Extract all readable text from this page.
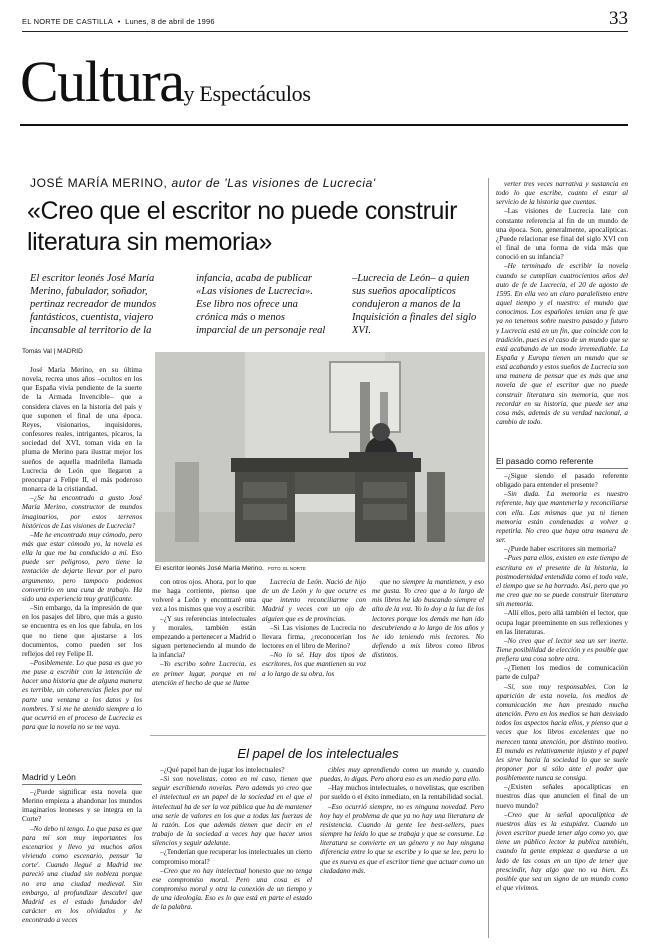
EL NORTE DE CASTILLA  •  Lunes, 8 de abril de 1996	33
Culturay Espectáculos
JOSÉ MARÍA MERINO, autor de 'Las visiones de Lucrecia'
«Creo que el escritor no puede construir literatura sin memoria»
El escritor leonés José María Merino, fabulador, soñador, pertinaz recreador de mundos fantásticos, cuentista, viajero incansable al territorio de la
infancia, acaba de publicar «Las visiones de Lucrecia». Ese libro nos ofrece una crónica más o menos imparcial de un personaje real
–Lucrecia de León– a quien sus sueños apocalípticos condujeron a manos de la Inquisición a finales del siglo XVI.
Tomás Val | MADRID

José María Merino, en su última novela, recrea unos años –ocultos en los que España vivía pendiente de la suerte de la Armada Invencible– que a considera claves en la historia del país y que suponen el final de una época. Reyes, visionarios, inquisidores, confesores reales, intrigantes, pícaros, la sociedad del XVI, toman vida en la pluma de Merino para ilustrar mejor los sueños de aquella madrileña llamada Lucrecia de León que llegaron a preocupar a Felipe II, el más poderoso monarca de la cristiandad.

–¿Se ha encontrado a gusto José María Merino, constructor de mundos imaginarios, por estos terrenos históricos de Las visiones de Lucrecia?

–Me he encontrado muy cómodo, pero más que estar cómodo yo, la novela es ella la que me ha conducido a mí. Eso puede ser peligroso, pero tiene la tentación de dejarte llevar por el puro argumento, pero tampoco podemos convertirlo en una cuna de trabajo. Ha sido una experiencia muy gratificante.

–Sin embargo, da la impresión de que en los pasajes del libro, que más a gusto se encuentra es en los que fabula, en los que no tiene que ajustarse a los documentos, como pueden ser los reflejos del rey Felipe II.

–Posiblemente. Lo que pasa es que yo me puse a escribir con la intención de hacer una historia que de alguna manera es terrible, un coherencias fieles por mi parte una ventana a los datos y los nombres. Y si me he atenido siempre a lo que ocurrió en el proceso de Lucrecia es para que la novela no se me vaya.

Madrid y León

–¿Puede significar esta novela que Merino empieza a abandonar los mundos imaginarios leoneses y se integra en la Corte?

–No debo ni tengo. Lo que pasa es que para mí son muy importantes los escenarios y llevo ya muchos años viviendo como escenario, pensar 'la corte'. Cuando llegué a Madrid me pareció una ciudad sin nobleza porque no era una ciudad medieval. Sin embargo, al profundizar descubrí que Madrid es el estado fundador del carácter en los olvidados y he encontrado a veces

El escritor leonés José María Merino. FOTO: EL NORTE

con otros ojos. Ahora, por lo que me haga corriente, pienso que volveré a León y encontraré otra vez a los mismos que voy a escribir.

–¿Y sus referencias intelectuales y morales, también están empezando a pertenecer a Madrid o siguen perteneciendo al mundo de la infancia?

–Yo escribo sobre Lucrecia, es en primer lugar, porque en mi atención el hecho de que se llame

Lucrecia de León. Nació de hijo de un de León y lo que ocurre es que intento reconciliarme con Madrid y veces con un ojo de alguien que es de provincias.

–Si Las visiones de Lucrecia no llevara firma, ¿reconocerían los lectores en el libro de Merino?

–No lo sé. Hay dos tipos de escritores, los que mantienen su voz a lo largo de su obra, los

que no siempre la mantienen, y eso me gusta. Yo creo que a lo largo de mis libros he ido buscando siempre el alto de la voz. Yo lo doy a la luz de los lectores porque los demás me han ido descubriendo a lo largo de los años y he ido teniendo mis lectores. No defiendo a mis libros como libros distintos.

El papel de los intelectuales

–¿Qué papel han de jugar los intelectuales?

–Si son novelistas, como en mi caso, tienen que seguir escribiendo novelas. Pero además yo creo que el intelectual en un papel de la sociedad en el que el intelectual ha de ser la voz pública que ha de mantener una serie de valores en los que a todas las fuerzas de la razón. Los que además tienen que decir en el trabajo de la sociedad a veces hay que hacer unos silencios y seguir adelante.

–¿Tenderían que recuperar los intelectuales un cierto compromiso moral?

–Creo que no hay intelectual honesto que no tenga ese compromiso moral. Pero una cosa es el compromiso moral y otra la conexión de un tiempo y de una ideología. Eso es lo que está en parte el estado de la palabra.

cibles muy aprendiendo como un mundo y, cuando puedas, lo digas. Pero ahora eso es un medio para ello.

–Hay muchos intelectuales, o novelistas, que escriben por sueldo o el éxito inmediato, en la rentabilidad social.

–Eso ocurrió siempre, no es ninguna novedad. Pero hoy hay el problema de que ya no hay una literatura de resistencia. Cuando la gente lee best-sellers, pues siempre ha leído lo que se trabaja y que se consume. La literatura se convierte en un género y no hay ninguna diferencia entre lo que se escribe y lo que se lee, pero lo que es nueva es que el escritor tiene que actuar como un ciudadano más.

verter tres veces narrativa y sustancia en todo lo que escribe, cuanto el estar al servicio de la historia que cuentas.

–Las visiones de Lucrecia late con constante referencia al fin de un mundo de una época. Son, generalmente, apocalípticas. ¿Puede relacionar ese final del siglo XVI con el final de una forma de vida más que conoció en su infancia?

–He terminado de escribir la novela cuando se cumplían cuatrocientos años del auto de fe de Lucrecia, el 20 de agosto de 1595. En ella veo un claro paralelismo entre aquel tiempo y el nuestro: el mundo que conocimos. Los españoles tenían una fe que ya no tenemos sobre nuestro pasado y futuro y Lucrecia está en un fin, que coincide con la tradición, pues es el caso de un mundo que se está acabando de un modo irremediable. La España y Europa tienen un mundo que se está acabando y estos sueños de Lucrecia son una manera de pensar que es más que una novela de que el escritor que no puede construir literatura sin memoria, que nos recordar en su historia, que puede ser una cosa más, además de su verdad nacional, a cambio de todo.

El pasado como referente

–¿Sigue siendo el pasado referente obligado para entender el presente?

–Sin duda. La memoria es nuestro referente, hay que mantenerla y reconciliarse con ella. Las mismas que ya ni tienen memoria están condenadas a volver a repetirla. No creo que haya otra manera de ser.

–¿Puede haber escritores sin memoria?

–Pues para ellos, existen en este tiempo de escritura en el presente de la historia, la postmodernidad entendida como el todo vale, el tiempo que se ha borrado. Así, pero que yo me creo que no se puede construir literatura sin memoria.

–Allí ellos, pero allá también el lector, que ocupa lugar preeminente en sus reflexiones y en las literaturas.

–No creo que el lector sea un ser inerte. Tiene posibilidad de elección y es posible que prefiera una cosa sobre otra.

–¿Tienen los medios de comunicación parte de culpa?

–Sí, son muy responsables. Con la aparición de esta novela, los medios de comunicación me han prestado mucha atención. Pero en los medios se han desviado todos los aspectos hacia ellos, y pienso que a veces que los libros excelentes que no merecen tanta atención, por distinto motivo. El mundo es relativamente injusto y el papel les sirve hacia la sociedad lo que se suele proponer por sí sólo ante el poder que posiblemente nunca se consiga.

–¿Existen señales apocalípticas en nuestros días que anuncien el final de un nuevo mundo?

–Creo que la señal apocalíptica de nuestros días es la estupidez. Cuando un joven escritor puede tener algo como yo, que tiene un público lector la publica también, cuando la gente empieza a quedarse a un lado de las cosas en un tipo de tener que prescindir, hay algo que no va bien. Es posible que sea un signo de un mundo como el que vivimos.
